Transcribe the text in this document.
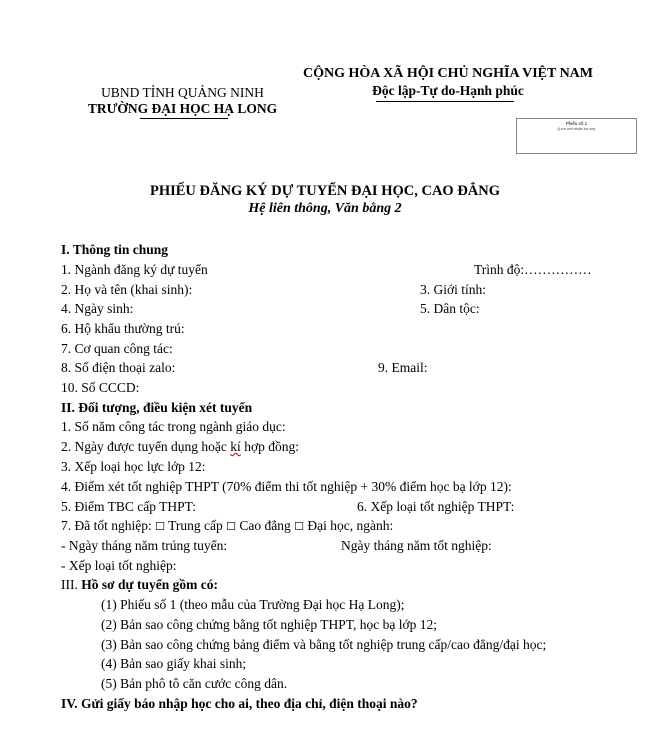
UBND TỈNH QUẢNG NINH
TRƯỜNG ĐẠI HỌC HẠ LONG
CỘNG HÒA XÃ HỘI CHỦ NGHĨA VIỆT NAM
Độc lập-Tự do-Hạnh phúc
Phiếu số 1
(Lưu nơi nhận hồ sơ)
PHIẾU ĐĂNG KÝ DỰ TUYỂN ĐẠI HỌC, CAO ĐẲNG
Hệ liên thông, Văn bằng 2
I. Thông tin chung
1. Ngành đăng ký dự tuyển	Trình độ:……………
2. Họ và tên (khai sinh):	3. Giới tính:
4. Ngày sinh:	5. Dân tộc:
6. Hộ khẩu thường trú:
7. Cơ quan công tác:
8. Số điện thoại zalo:	9. Email:
10. Số CCCD:
II. Đối tượng, điều kiện xét tuyển
1. Số năm công tác trong ngành giáo dục:
2. Ngày được tuyển dụng hoặc kí hợp đồng:
3. Xếp loại học lực lớp 12:
4. Điểm xét tốt nghiệp THPT (70% điểm thi tốt nghiệp + 30% điểm học bạ lớp 12):
5. Điểm TBC cấp THPT:	6. Xếp loại tốt nghiệp THPT:
7. Đã tốt nghiệp: ☐ Trung cấp ☐ Cao đẳng ☐ Đại học, ngành:
- Ngày tháng năm trúng tuyển:	Ngày tháng năm tốt nghiệp:
- Xếp loại tốt nghiệp:
III. Hồ sơ dự tuyển gồm có:
(1) Phiếu số 1 (theo mẫu của Trường Đại học Hạ Long);
(2) Bản sao công chứng bằng tốt nghiệp THPT, học bạ lớp 12;
(3) Bản sao công chứng bảng điểm và bằng tốt nghiệp trung cấp/cao đẳng/đại học;
(4) Bản sao giấy khai sinh;
(5) Bản phô tô căn cước công dân.
IV. Gửi giấy báo nhập học cho ai, theo địa chỉ, điện thoại nào?
